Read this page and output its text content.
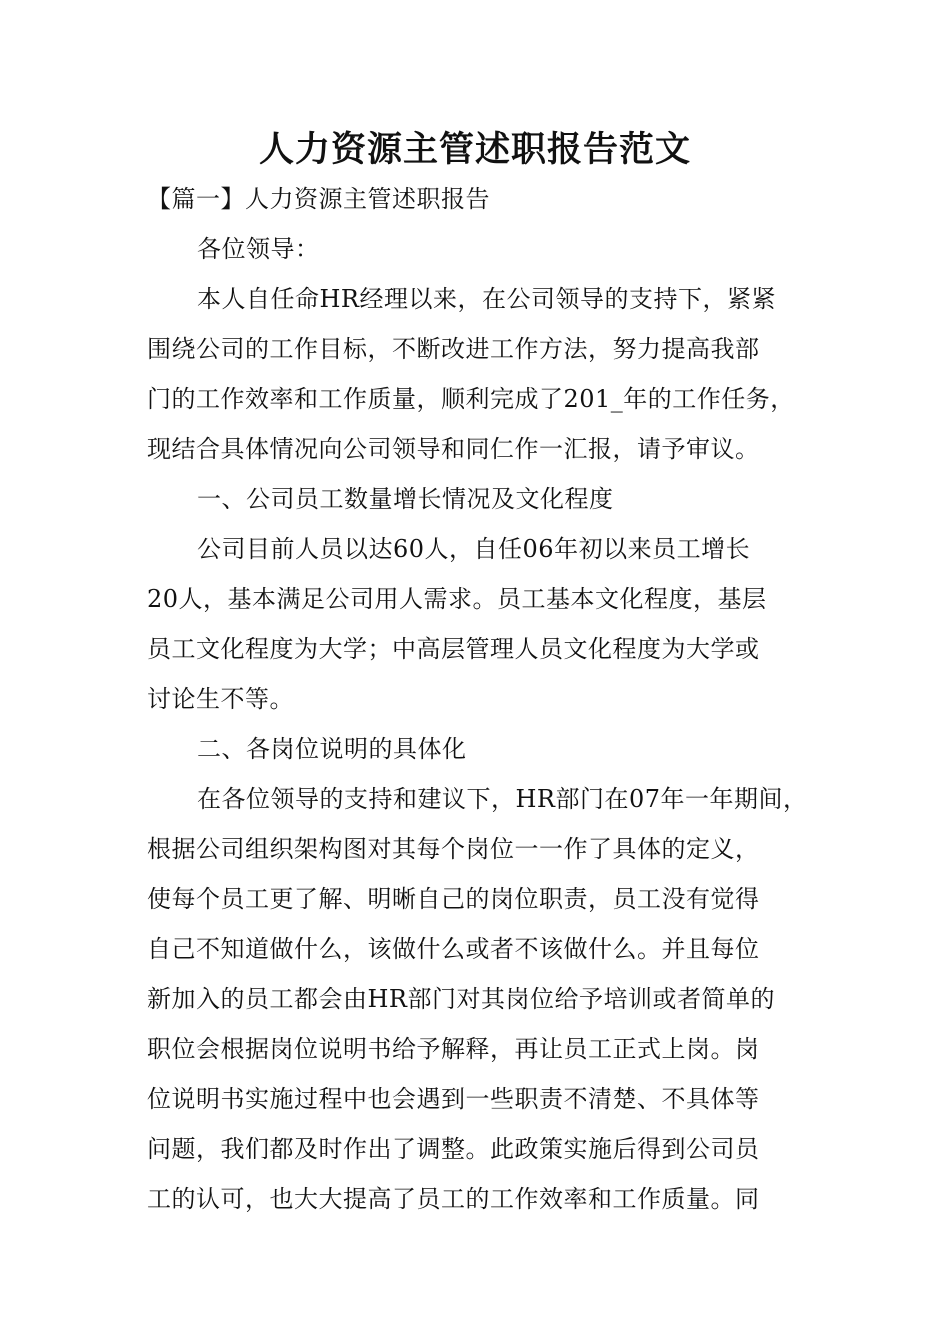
人力资源主管述职报告范文
【篇一】人力资源主管述职报告
各位领导：
本人自任命HR经理以来，在公司领导的支持下，紧紧
围绕公司的工作目标，不断改进工作方法，努力提高我部
门的工作效率和工作质量，顺利完成了201_年的工作任务，
现结合具体情况向公司领导和同仁作一汇报，请予审议。
一、公司员工数量增长情况及文化程度
公司目前人员以达60人，自任06年初以来员工增长
20人，基本满足公司用人需求。员工基本文化程度，基层
员工文化程度为大学；中高层管理人员文化程度为大学或
讨论生不等。
二、各岗位说明的具体化
在各位领导的支持和建议下，HR部门在07年一年期间，
根据公司组织架构图对其每个岗位一一作了具体的定义，
使每个员工更了解、明晰自己的岗位职责，员工没有觉得
自己不知道做什么，该做什么或者不该做什么。并且每位
新加入的员工都会由HR部门对其岗位给予培训或者简单的
职位会根据岗位说明书给予解释，再让员工正式上岗。岗
位说明书实施过程中也会遇到一些职责不清楚、不具体等
问题，我们都及时作出了调整。此政策实施后得到公司员
工的认可，也大大提高了员工的工作效率和工作质量。同
